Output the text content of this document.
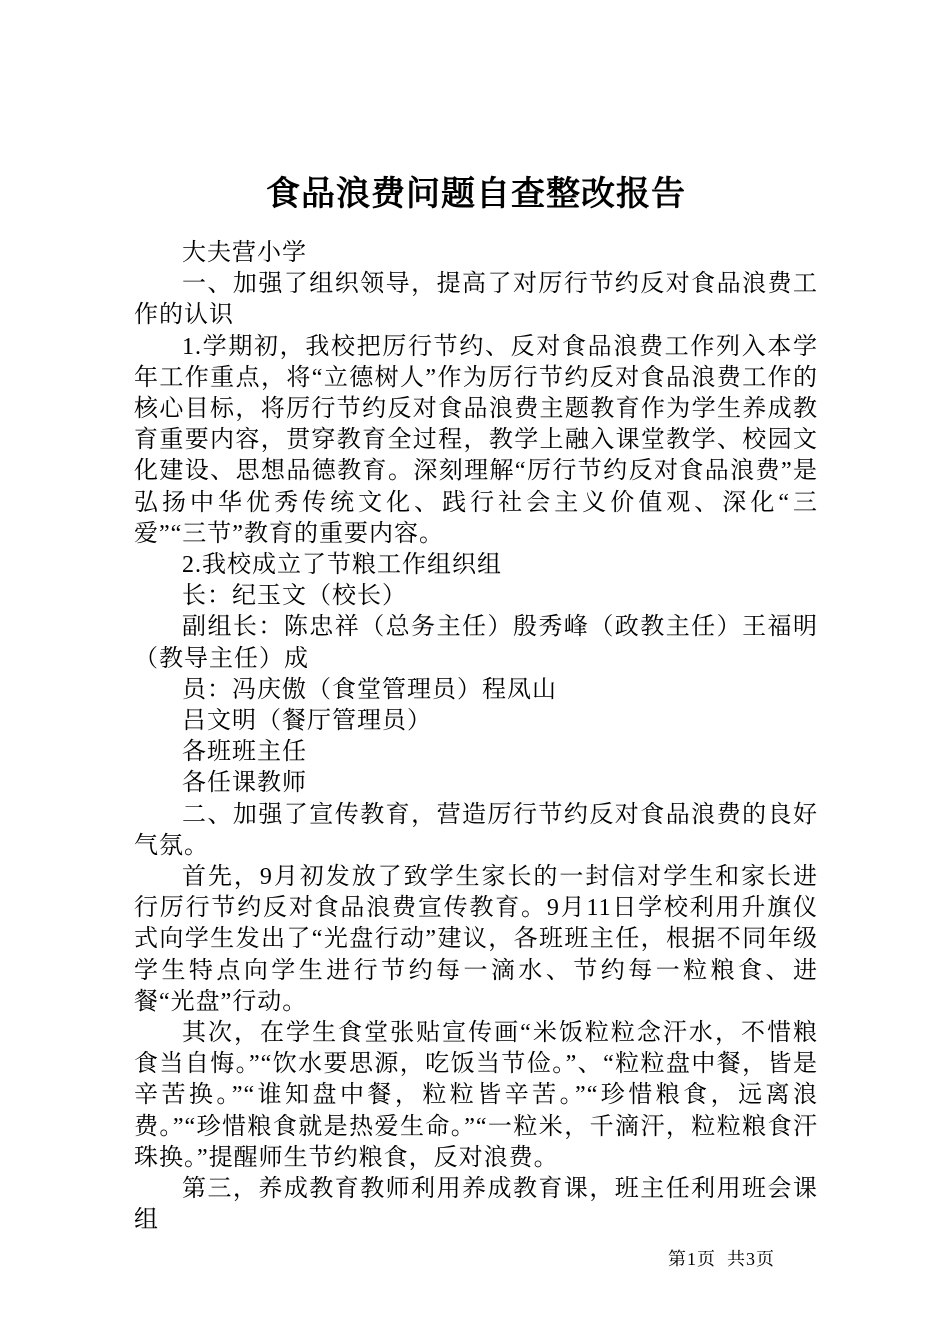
食品浪费问题自查整改报告

大夫营小学

一、加强了组织领导，提高了对厉行节约反对食品浪费工作的认识

1.学期初，我校把厉行节约、反对食品浪费工作列入本学年工作重点，将“立德树人”作为厉行节约反对食品浪费工作的核心目标，将厉行节约反对食品浪费主题教育作为学生养成教育重要内容，贯穿教育全过程，教学上融入课堂教学、校园文化建设、思想品德教育。深刻理解“厉行节约反对食品浪费”是弘扬中华优秀传统文化、践行社会主义价值观、深化“三爱”“三节”教育的重要内容。

2.我校成立了节粮工作组织组

长：纪玉文（校长）

副组长：陈忠祥（总务主任）殷秀峰（政教主任）王福明（教导主任）成

员：冯庆傲（食堂管理员）程凤山

吕文明（餐厅管理员）

各班班主任

各任课教师

二、加强了宣传教育，营造厉行节约反对食品浪费的良好气氛。

首先，9月初发放了致学生家长的一封信对学生和家长进行厉行节约反对食品浪费宣传教育。9月11日学校利用升旗仪式向学生发出了“光盘行动”建议，各班班主任，根据不同年级学生特点向学生进行节约每一滴水、节约每一粒粮食、进餐“光盘”行动。

其次，在学生食堂张贴宣传画“米饭粒粒念汗水，不惜粮食当自悔。”“饮水要思源，吃饭当节俭。”、“粒粒盘中餐，皆是辛苦换。”“谁知盘中餐，粒粒皆辛苦。”“珍惜粮食，远离浪费。”“珍惜粮食就是热爱生命。”“一粒米，千滴汗，粒粒粮食汗珠换。”提醒师生节约粮食，反对浪费。

第三，养成教育教师利用养成教育课，班主任利用班会课组

第1页  共3页
